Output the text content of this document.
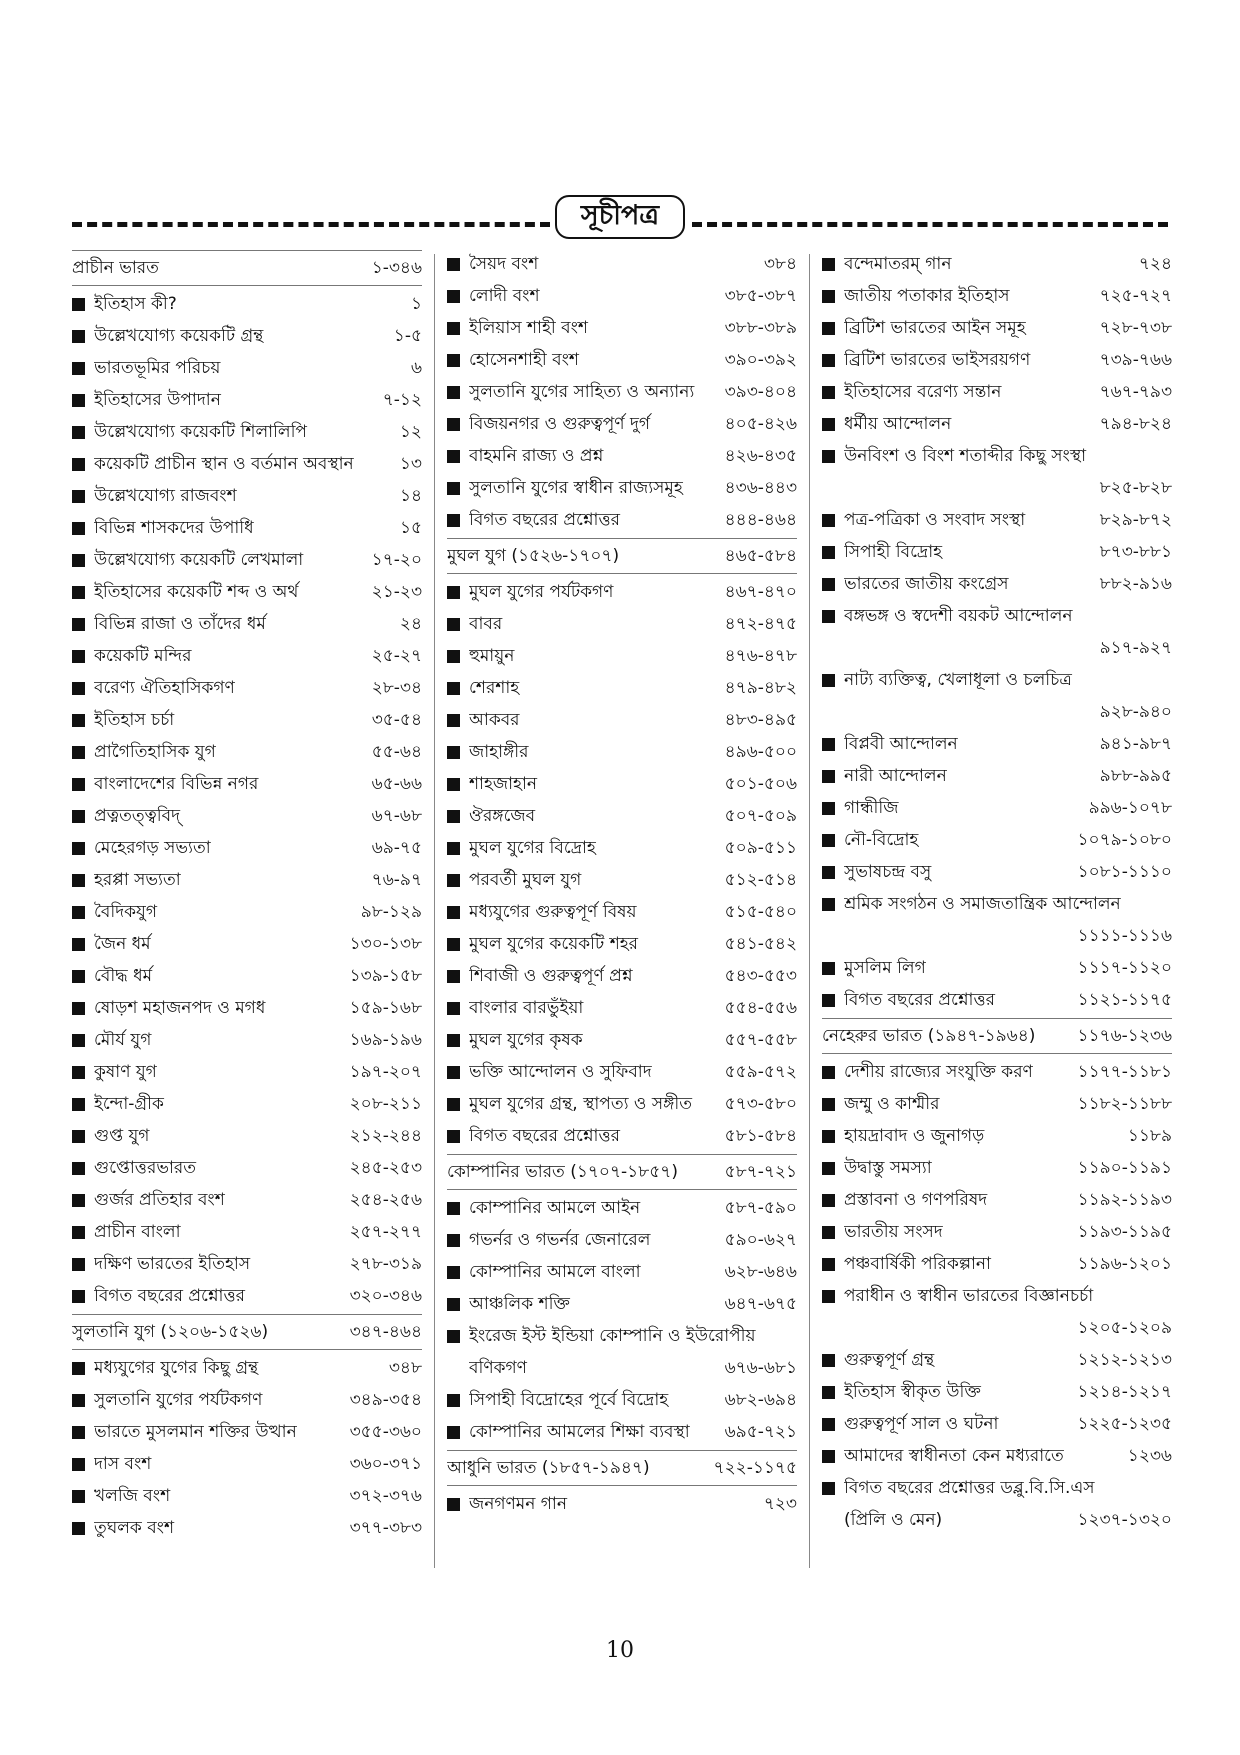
সূচীপত্র
প্রাচীন ভারত	১-৩৪৬
ইতিহাস কী?	১
উল্লেখযোগ্য কয়েকটি গ্রন্থ	১-৫
ভারতভূমির পরিচয়	৬
ইতিহাসের উপাদান	৭-১২
উল্লেখযোগ্য কয়েকটি শিলালিপি	১২
কয়েকটি প্রাচীন স্থান ও বর্তমান অবস্থান	১৩
উল্লেখযোগ্য রাজবংশ	১৪
বিভিন্ন শাসকদের উপাধি	১৫
উল্লেখযোগ্য কয়েকটি লেখমালা	১৭-২০
ইতিহাসের কয়েকটি শব্দ ও অর্থ	২১-২৩
বিভিন্ন রাজা ও তাঁদের ধর্ম	২৪
কয়েকটি মন্দির	২৫-২৭
বরেণ্য ঐতিহাসিকগণ	২৮-৩৪
ইতিহাস চর্চা	৩৫-৫৪
প্রাগৈতিহাসিক যুগ	৫৫-৬৪
বাংলাদেশের বিভিন্ন নগর	৬৫-৬৬
প্রত্নতত্ত্ববিদ্	৬৭-৬৮
মেহেরগড় সভ্যতা	৬৯-৭৫
হরপ্পা সভ্যতা	৭৬-৯৭
বৈদিকযুগ	৯৮-১২৯
জৈন ধর্ম	১৩০-১৩৮
বৌদ্ধ ধর্ম	১৩৯-১৫৮
ষোড়শ মহাজনপদ ও মগধ	১৫৯-১৬৮
মৌর্য যুগ	১৬৯-১৯৬
কুষাণ যুগ	১৯৭-২০৭
ইন্দো-গ্রীক	২০৮-২১১
গুপ্ত যুগ	২১২-২৪৪
গুপ্তোত্তরভারত	২৪৫-২৫৩
গুর্জর প্রতিহার বংশ	২৫৪-২৫৬
প্রাচীন বাংলা	২৫৭-২৭৭
দক্ষিণ ভারতের ইতিহাস	২৭৮-৩১৯
বিগত বছরের প্রশ্নোত্তর	৩২০-৩৪৬
সুলতানি যুগ (১২০৬-১৫২৬)	৩৪৭-৪৬৪
মধ্যযুগের যুগের কিছু গ্রন্থ	৩৪৮
সুলতানি যুগের পর্যটকগণ	৩৪৯-৩৫৪
ভারতে মুসলমান শক্তির উত্থান	৩৫৫-৩৬০
দাস বংশ	৩৬০-৩৭১
খলজি বংশ	৩৭২-৩৭৬
তুঘলক বংশ	৩৭৭-৩৮৩
সৈয়দ বংশ	৩৮৪
লোদী বংশ	৩৮৫-৩৮৭
ইলিয়াস শাহী বংশ	৩৮৮-৩৮৯
হোসেনশাহী বংশ	৩৯০-৩৯২
সুলতানি যুগের সাহিত্য ও অন্যান্য	৩৯৩-৪০৪
বিজয়নগর ও গুরুত্বপূর্ণ দুর্গ	৪০৫-৪২৬
বাহমনি রাজ্য ও প্রশ্ন	৪২৬-৪৩৫
সুলতানি যুগের স্বাধীন রাজ্যসমূহ	৪৩৬-৪৪৩
বিগত বছরের প্রশ্নোত্তর	৪৪৪-৪৬৪
মুঘল যুগ (১৫২৬-১৭০৭)	৪৬৫-৫৮৪
মুঘল যুগের পর্যটকগণ	৪৬৭-৪৭০
বাবর	৪৭২-৪৭৫
হুমায়ুন	৪৭৬-৪৭৮
শেরশাহ	৪৭৯-৪৮২
আকবর	৪৮৩-৪৯৫
জাহাঙ্গীর	৪৯৬-৫০০
শাহজাহান	৫০১-৫০৬
ঔরঙ্গজেব	৫০৭-৫০৯
মুঘল যুগের বিদ্রোহ	৫০৯-৫১১
পরবর্তী মুঘল যুগ	৫১২-৫১৪
মধ্যযুগের গুরুত্বপূর্ণ বিষয়	৫১৫-৫৪০
মুঘল যুগের কয়েকটি শহর	৫৪১-৫৪২
শিবাজী ও গুরুত্বপূর্ণ প্রশ্ন	৫৪৩-৫৫৩
বাংলার বারভুঁইয়া	৫৫৪-৫৫৬
মুঘল যুগের কৃষক	৫৫৭-৫৫৮
ভক্তি আন্দোলন ও সুফিবাদ	৫৫৯-৫৭২
মুঘল যুগের গ্রন্থ, স্থাপত্য ও সঙ্গীত	৫৭৩-৫৮০
বিগত বছরের প্রশ্নোত্তর	৫৮১-৫৮৪
কোম্পানির ভারত (১৭০৭-১৮৫৭)	৫৮৭-৭২১
কোম্পানির আমলে আইন	৫৮৭-৫৯০
গভর্নর ও গভর্নর জেনারেল	৫৯০-৬২৭
কোম্পানির আমলে বাংলা	৬২৮-৬৪৬
আঞ্চলিক শক্তি	৬৪৭-৬৭৫
ইংরেজ ইস্ট ইন্ডিয়া কোম্পানি ও ইউরোপীয়
বণিকগণ	৬৭৬-৬৮১
সিপাহী বিদ্রোহের পূর্বে বিদ্রোহ	৬৮২-৬৯৪
কোম্পানির আমলের শিক্ষা ব্যবস্থা	৬৯৫-৭২১
আধুনি ভারত (১৮৫৭-১৯৪৭)	৭২২-১১৭৫
জনগণমন গান	৭২৩
বন্দেমাতরম্ গান	৭২৪
জাতীয় পতাকার ইতিহাস	৭২৫-৭২৭
ব্রিটিশ ভারতের আইন সমূহ	৭২৮-৭৩৮
ব্রিটিশ ভারতের ভাইসরয়গণ	৭৩৯-৭৬৬
ইতিহাসের বরেণ্য সন্তান	৭৬৭-৭৯৩
ধর্মীয় আন্দোলন	৭৯৪-৮২৪
উনবিংশ ও বিংশ শতাব্দীর কিছু সংস্থা
৮২৫-৮২৮
পত্র-পত্রিকা ও সংবাদ সংস্থা	৮২৯-৮৭২
সিপাহী বিদ্রোহ	৮৭৩-৮৮১
ভারতের জাতীয় কংগ্রেস	৮৮২-৯১৬
বঙ্গভঙ্গ ও স্বদেশী বয়কট আন্দোলন
৯১৭-৯২৭
নাট্য ব্যক্তিত্ব, খেলাধূলা ও চলচিত্র
৯২৮-৯৪০
বিপ্লবী আন্দোলন	৯৪১-৯৮৭
নারী আন্দোলন	৯৮৮-৯৯৫
গান্ধীজি	৯৯৬-১০৭৮
নৌ-বিদ্রোহ	১০৭৯-১০৮০
সুভাষচন্দ্র বসু	১০৮১-১১১০
শ্রমিক সংগঠন ও সমাজতান্ত্রিক আন্দোলন
১১১১-১১১৬
মুসলিম লিগ	১১১৭-১১২০
বিগত বছরের প্রশ্নোত্তর	১১২১-১১৭৫
নেহেরুর ভারত (১৯৪৭-১৯৬৪)	১১৭৬-১২৩৬
দেশীয় রাজ্যের সংযুক্তি করণ	১১৭৭-১১৮১
জম্মু ও কাশ্মীর	১১৮২-১১৮৮
হায়দ্রাবাদ ও জুনাগড়	১১৮৯
উদ্বাস্তু সমস্যা	১১৯০-১১৯১
প্রস্তাবনা ও গণপরিষদ	১১৯২-১১৯৩
ভারতীয় সংসদ	১১৯৩-১১৯৫
পঞ্চবার্ষিকী পরিকল্পানা	১১৯৬-১২০১
পরাধীন ও স্বাধীন ভারতের বিজ্ঞানচর্চা
১২০৫-১২০৯
গুরুত্বপূর্ণ গ্রন্থ	১২১২-১২১৩
ইতিহাস স্বীকৃত উক্তি	১২১৪-১২১৭
গুরুত্বপূর্ণ সাল ও ঘটনা	১২২৫-১২৩৫
আমাদের স্বাধীনতা কেন মধ্যরাতে	১২৩৬
বিগত বছরের প্রশ্নোত্তর ডব্লু.বি.সি.এস
(প্রিলি ও মেন)	১২৩৭-১৩২০
10
